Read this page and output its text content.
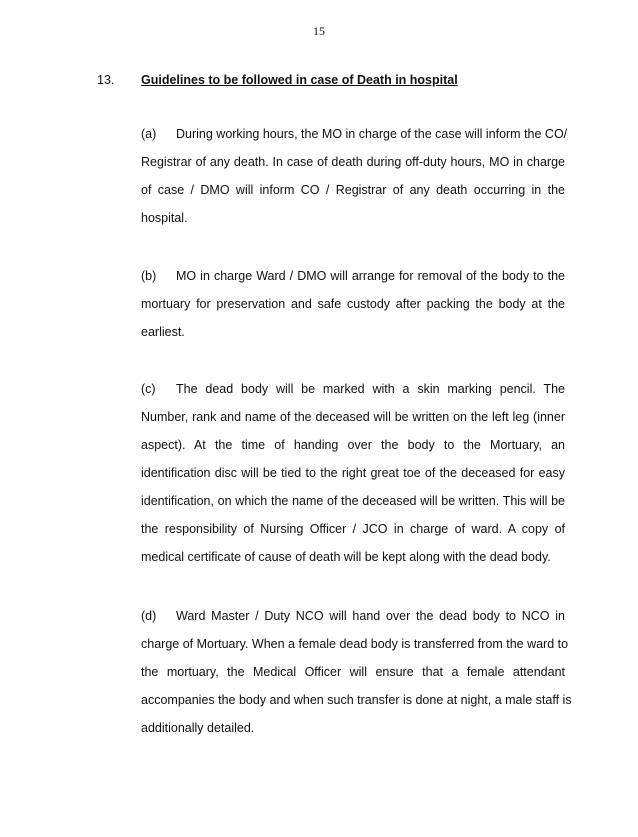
15
13. Guidelines to be followed in case of Death in hospital
(a) During working hours, the MO in charge of the case will inform the CO/
Registrar of any death. In case of death during off-duty hours, MO in charge
of case / DMO will inform CO / Registrar of any death occurring in the
hospital.
(b) MO in charge Ward / DMO will arrange for removal of the body to the
mortuary for preservation and safe custody after packing the body at the
earliest.
(c) The dead body will be marked with a skin marking pencil. The
Number, rank and name of the deceased will be written on the left leg (inner
aspect). At the time of handing over the body to the Mortuary, an
identification disc will be tied to the right great toe of the deceased for easy
identification, on which the name of the deceased will be written. This will be
the responsibility of Nursing Officer / JCO in charge of ward. A copy of
medical certificate of cause of death will be kept along with the dead body.
(d) Ward Master / Duty NCO will hand over the dead body to NCO in
charge of Mortuary. When a female dead body is transferred from the ward to
the mortuary, the Medical Officer will ensure that a female attendant
accompanies the body and when such transfer is done at night, a male staff is
additionally detailed.
